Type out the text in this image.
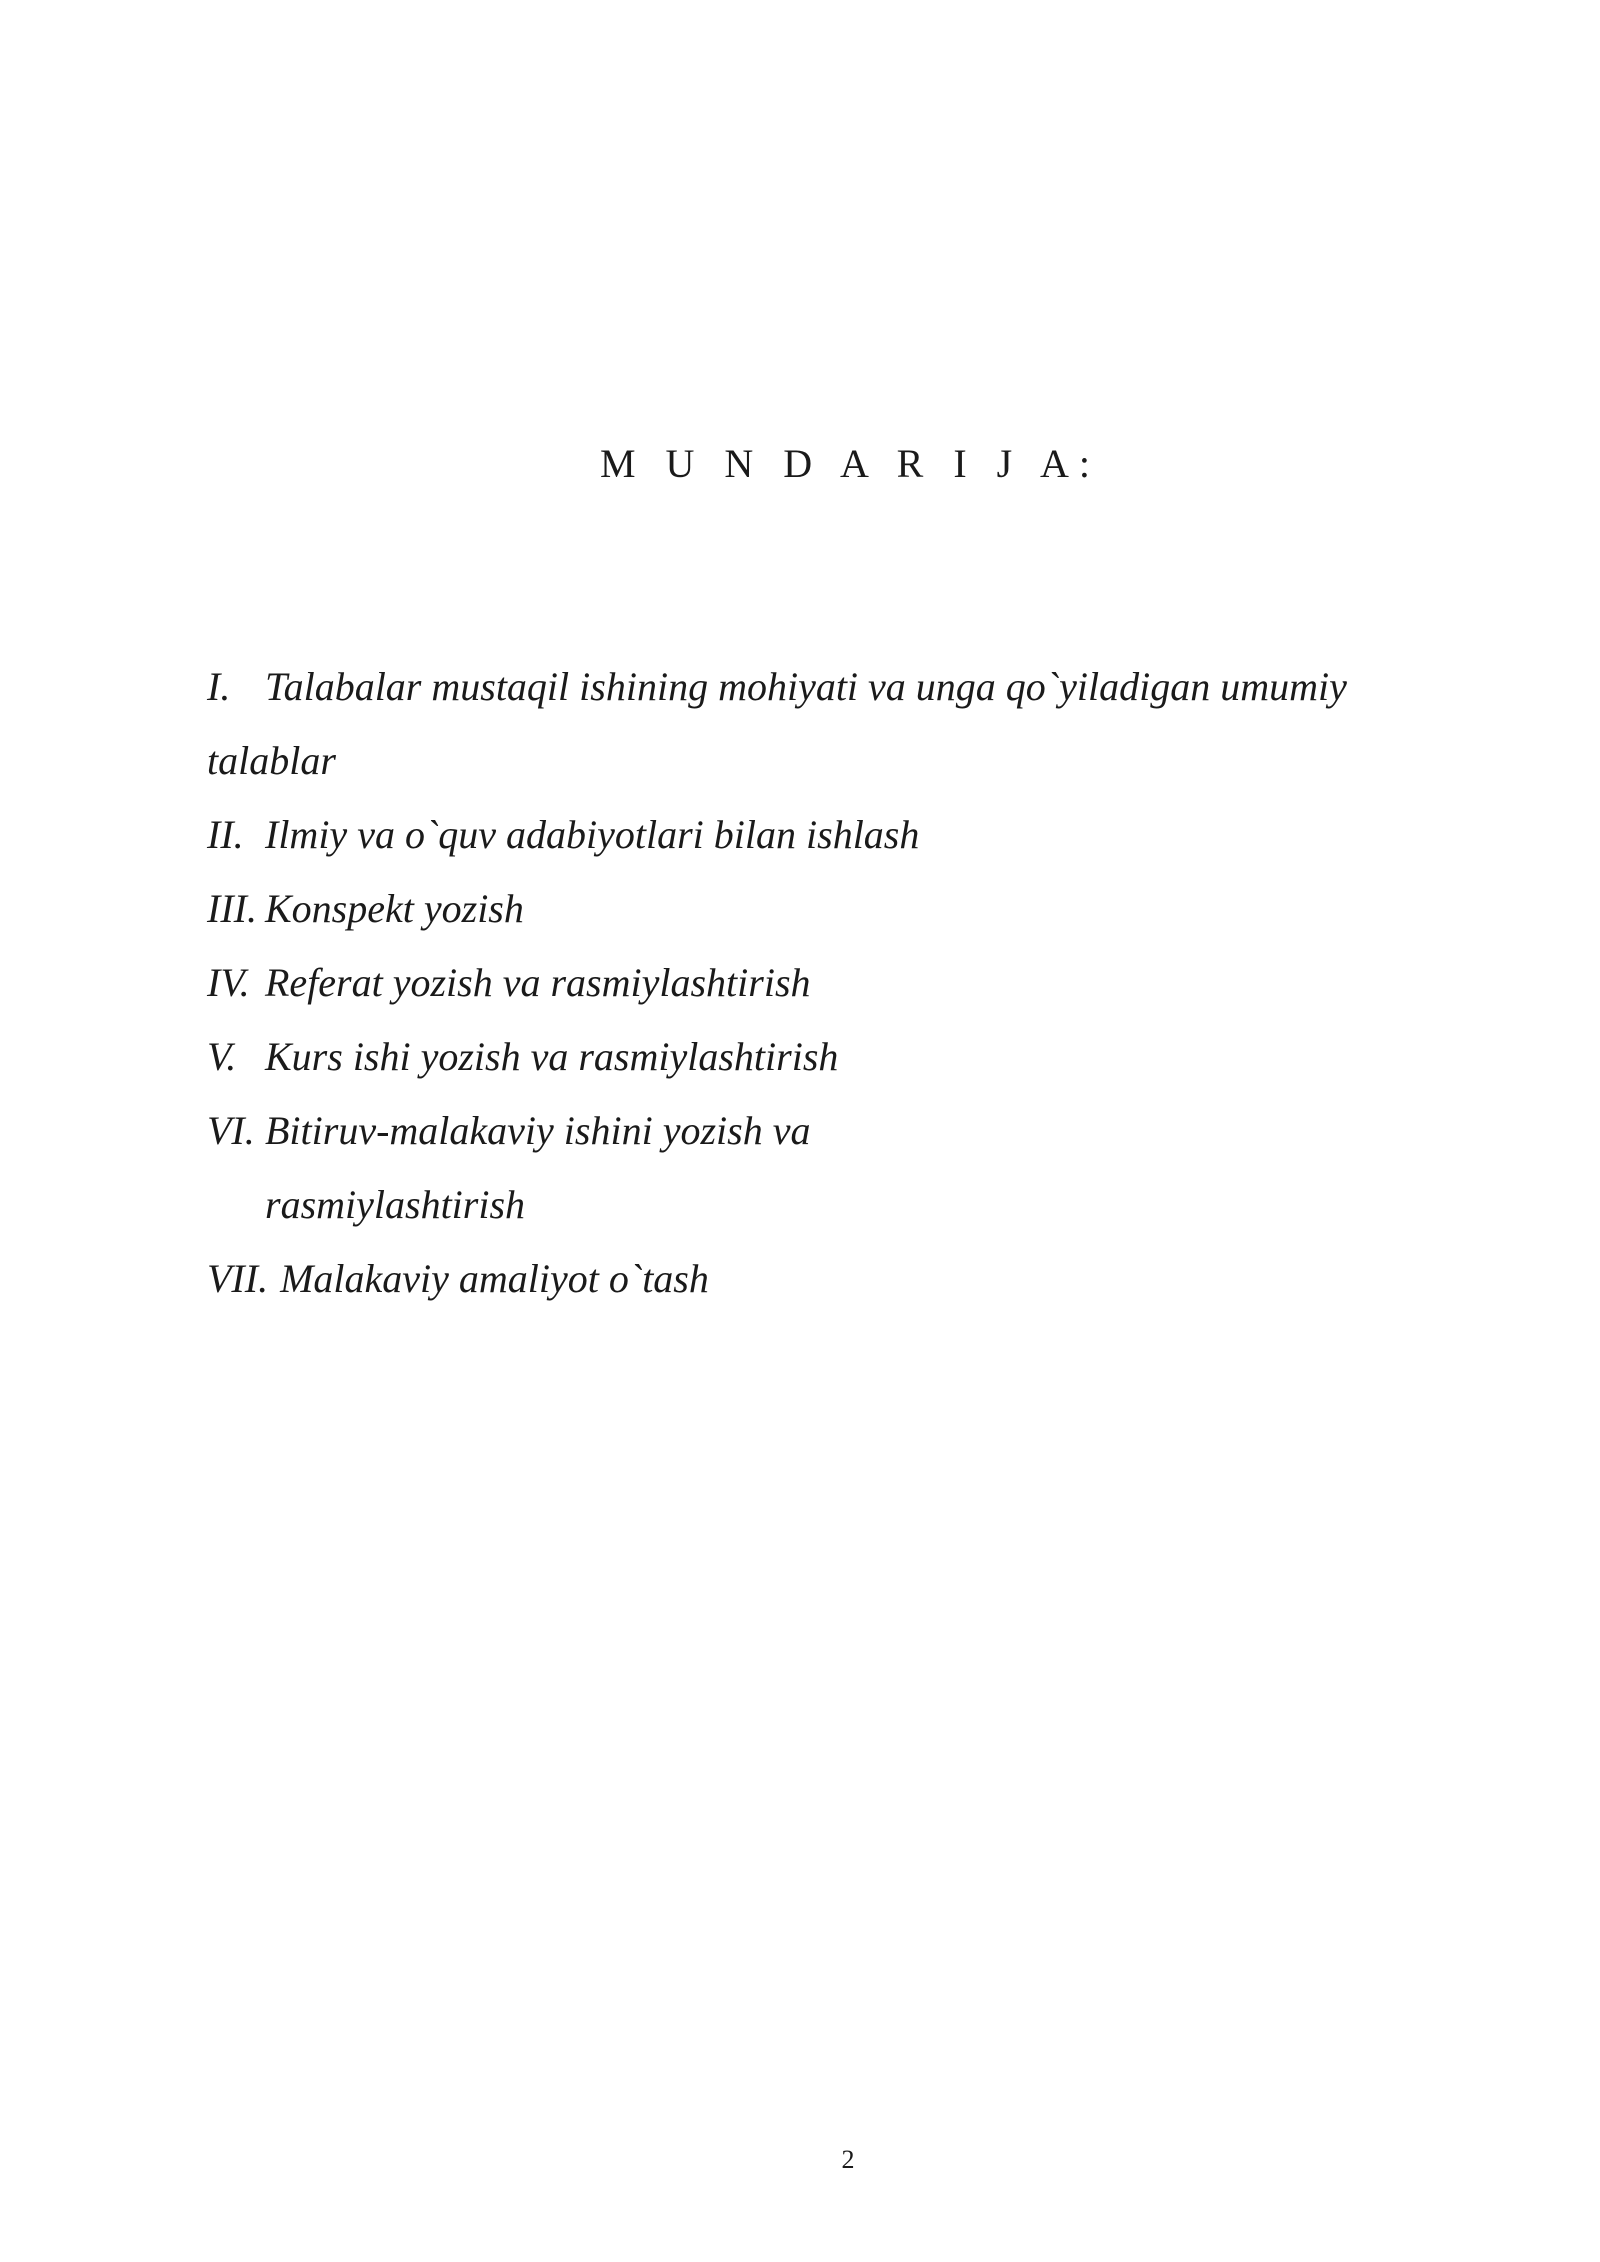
M U N D A R I J A:
I. Talabalar mustaqil ishining mohiyati va unga qo`yiladigan umumiy
talablar
II. Ilmiy va o`quv adabiyotlari bilan ishlash
III. Konspekt yozish
IV. Referat yozish va rasmiylashtirish
V. Kurs ishi yozish va rasmiylashtirish
VI. Bitiruv-malakaviy ishini yozish va
rasmiylashtirish
VII. Malakaviy amaliyot o`tash
2
